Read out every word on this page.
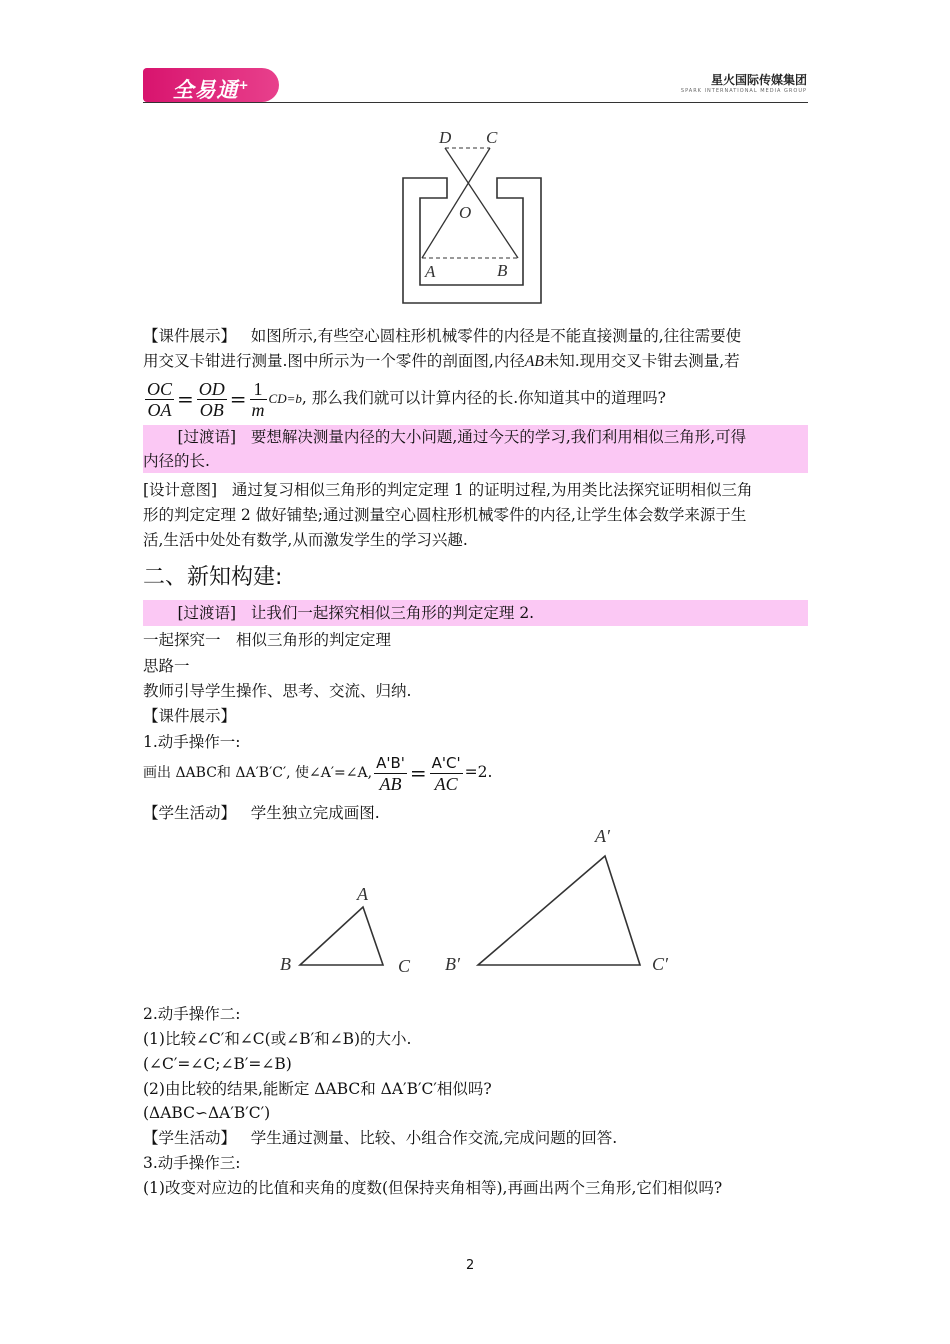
全易通+	星火国际传媒集团
SPARK INTERNATIONAL MEDIA GROUP
D C
O
A	B
【课件展示】 如图所示,有些空心圆柱形机械零件的内径是不能直接测量的,往往需要使
用交叉卡钳进行测量.图中所示为一个零件的剖面图,内径AB未知.现用交叉卡钳去测量,若
$\frac{OC}{OA} = \frac{OD}{OB} = \frac{1}{m} CD=b$, 那么我们就可以计算内径的长.你知道其中的道理吗?
[过渡语] 要想解决测量内径的大小问题,通过今天的学习,我们利用相似三角形,可得
内径的长.
[设计意图] 通过复习相似三角形的判定定理 1 的证明过程,为用类比法探究证明相似三角
形的判定定理 2 做好铺垫;通过测量空心圆柱形机械零件的内径,让学生体会数学来源于生
活,生活中处处有数学,从而激发学生的学习兴趣.
二、新知构建:
[过渡语] 让我们一起探究相似三角形的判定定理 2.
一起探究一　相似三角形的判定定理
思路一
教师引导学生操作、思考、交流、归纳.
【课件展示】
1.动手操作一:
画出 ΔABC和 ΔA′B′C′, 使∠A′=∠A, $\frac{A'B'}{AB} = \frac{A'C'}{AC} =2$.
【学生活动】 学生独立完成画图.
A
B	C
A′
B′	C′
2.动手操作二:
(1)比较∠C′和∠C(或∠B′和∠B)的大小.
(∠C′=∠C;∠B′=∠B)
(2)由比较的结果,能断定 ΔABC和 ΔA′B′C′相似吗?
(ΔABC∽ΔA′B′C′)
【学生活动】 学生通过测量、比较、小组合作交流,完成问题的回答.
3.动手操作三:
(1)改变对应边的比值和夹角的度数(但保持夹角相等),再画出两个三角形,它们相似吗?
2
